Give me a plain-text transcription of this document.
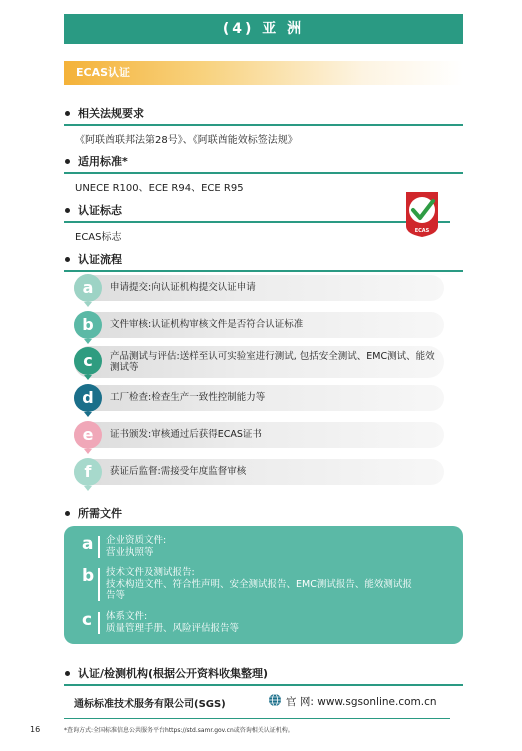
(4) 亚 洲
ECAS认证
相关法规要求
《阿联酋联邦法第28号》、《阿联酋能效标签法规》
适用标准*
UNECE R100、ECE R94、ECE R95
认证标志
ECAS标志
ECAS
认证流程
a	申请提交:向认证机构提交认证申请
b	文件审核:认证机构审核文件是否符合认证标准
c	产品测试与评估:送样至认可实验室进行测试, 包括安全测试、EMC测试、能效测试等
d	工厂检查:检查生产一致性控制能力等
e	证书颁发:审核通过后获得ECAS证书
f	获证后监督:需接受年度监督审核
所需文件
a 企业资质文件:
营业执照等
b 技术文件及测试报告:
技术构造文件、符合性声明、安全测试报告、EMC测试报告、能效测试报
告等
c 体系文件:
质量管理手册、风险评估报告等
认证/检测机构(根据公开资料收集整理)
通标标准技术服务有限公司(SGS)	官 网: www.sgsonline.com.cn
16	*查询方式:全国标准信息公共服务平台https://std.samr.gov.cn或咨询相关认证机构。
